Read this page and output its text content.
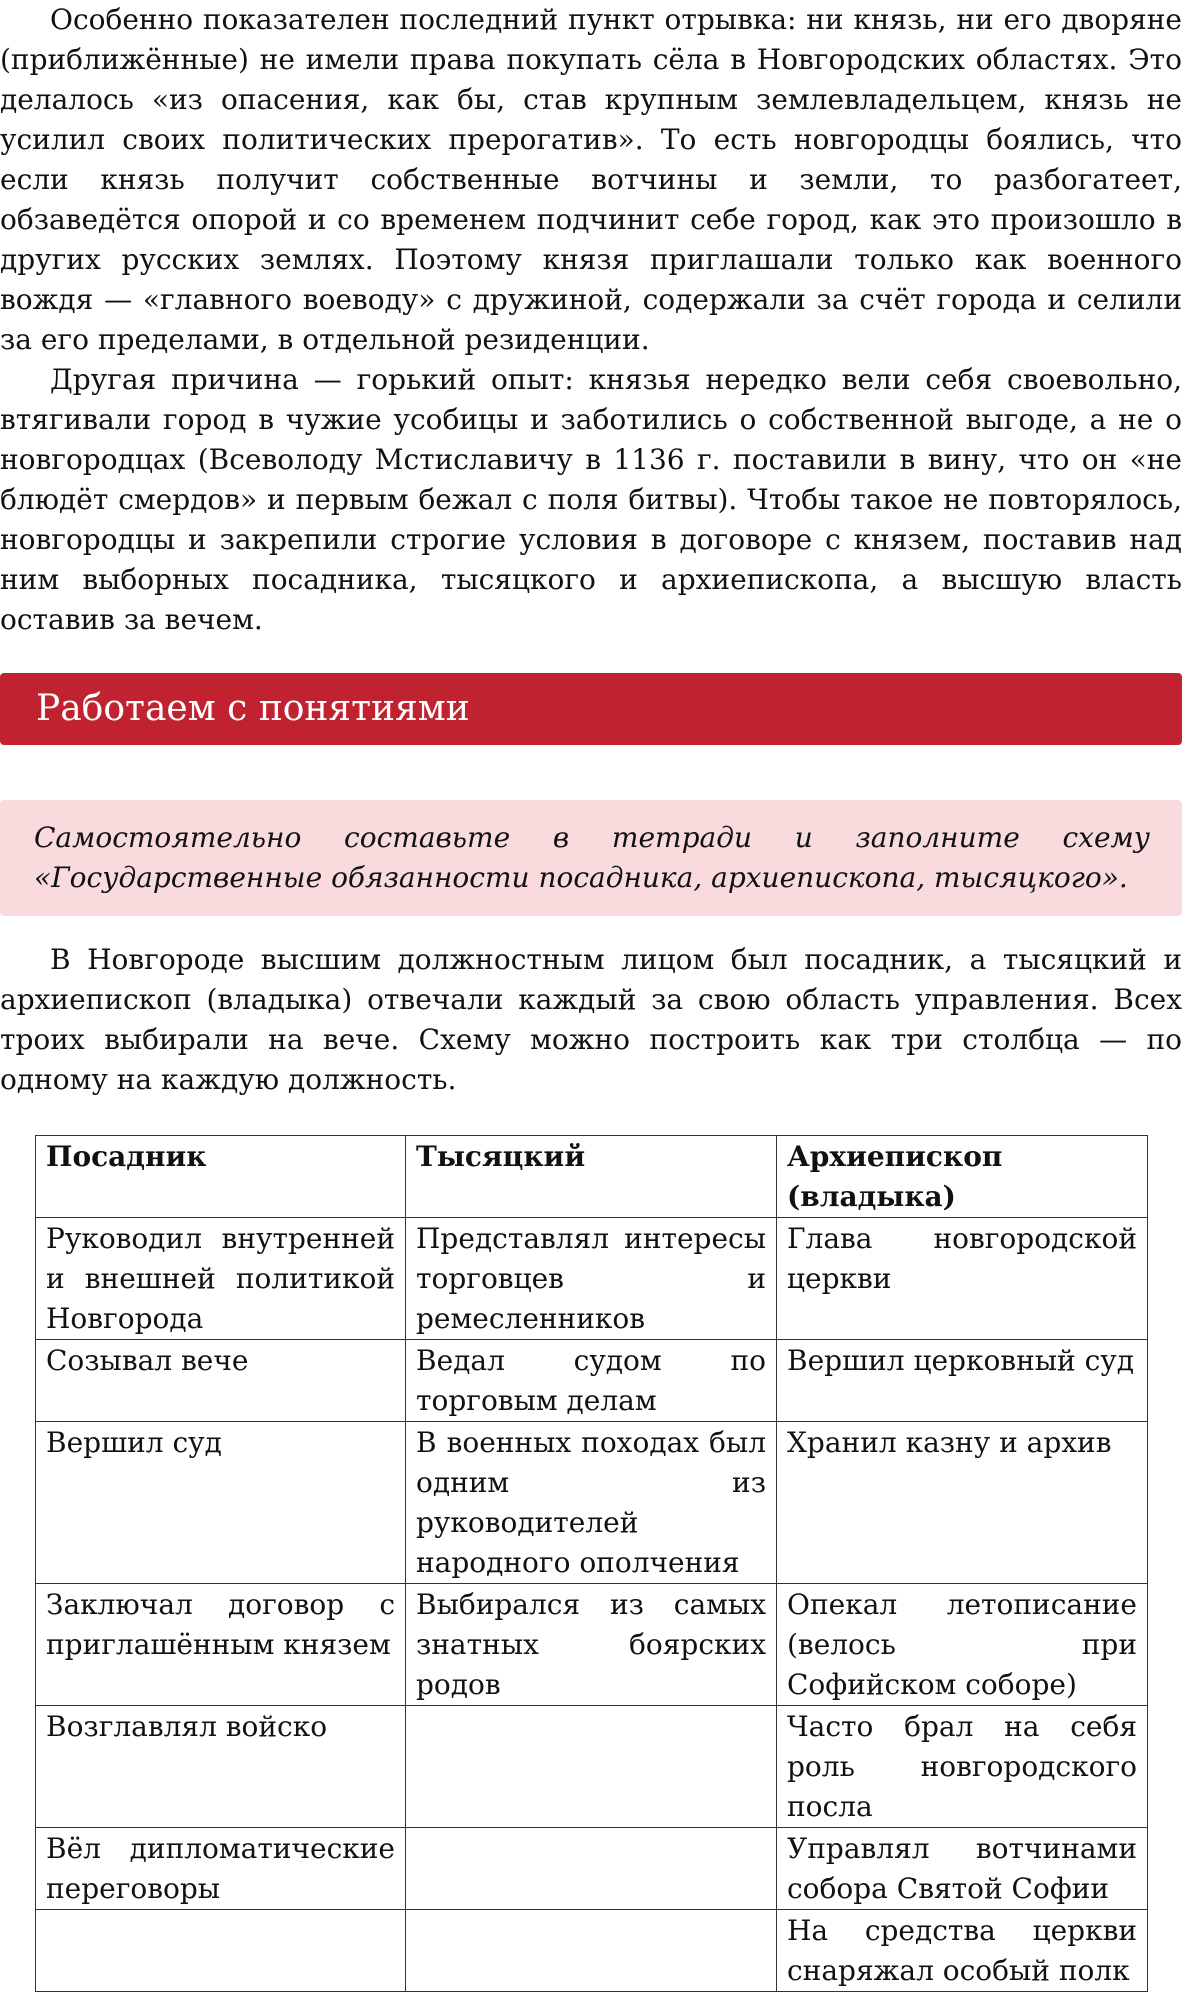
Особенно показателен последний пункт отрывка: ни князь, ни его дворяне (приближённые) не имели права покупать сёла в Новгородских областях. Это делалось «из опасения, как бы, став крупным землевладельцем, князь не усилил своих политических прерогатив». То есть новгородцы боялись, что если князь получит собственные вотчины и земли, то разбогатеет, обзаведётся опорой и со временем подчинит себе город, как это произошло в других русских землях. Поэтому князя приглашали только как военного вождя — «главного воеводу» с дружиной, содержали за счёт города и селили за его пределами, в отдельной резиденции.

Другая причина — горький опыт: князья нередко вели себя своевольно, втягивали город в чужие усобицы и заботились о собственной выгоде, а не о новгородцах (Всеволоду Мстиславичу в 1136 г. поставили в вину, что он «не блюдёт смердов» и первым бежал с поля битвы). Чтобы такое не повторялось, новгородцы и закрепили строгие условия в договоре с князем, поставив над ним выборных посадника, тысяцкого и архиепископа, а высшую власть оставив за вечем.

Работаем с понятиями

Самостоятельно составьте в тетради и заполните схему «Государственные обязанности посадника, архиепископа, тысяцкого».

В Новгороде высшим должностным лицом был посадник, а тысяцкий и архиепископ (владыка) отвечали каждый за свою область управления. Всех троих выбирали на вече. Схему можно построить как три столбца — по одному на каждую должность.

Посадник	Тысяцкий	Архиепископ (владыка)
Руководил внутренней и внешней политикой Новгорода	Представлял интересы торговцев и ремесленников	Глава новгородской церкви
Созывал вече	Ведал судом по торговым делам	Вершил церковный суд
Вершил суд	В военных походах был одним из руководителей народного ополчения	Хранил казну и архив
Заключал договор с приглашённым князем	Выбирался из самых знатных боярских родов	Опекал летописание (велось при Софийском соборе)
Возглавлял войско		Часто брал на себя роль новгородского посла
Вёл дипломатические переговоры		Управлял вотчинами собора Святой Софии
		На средства церкви снаряжал особый полк
